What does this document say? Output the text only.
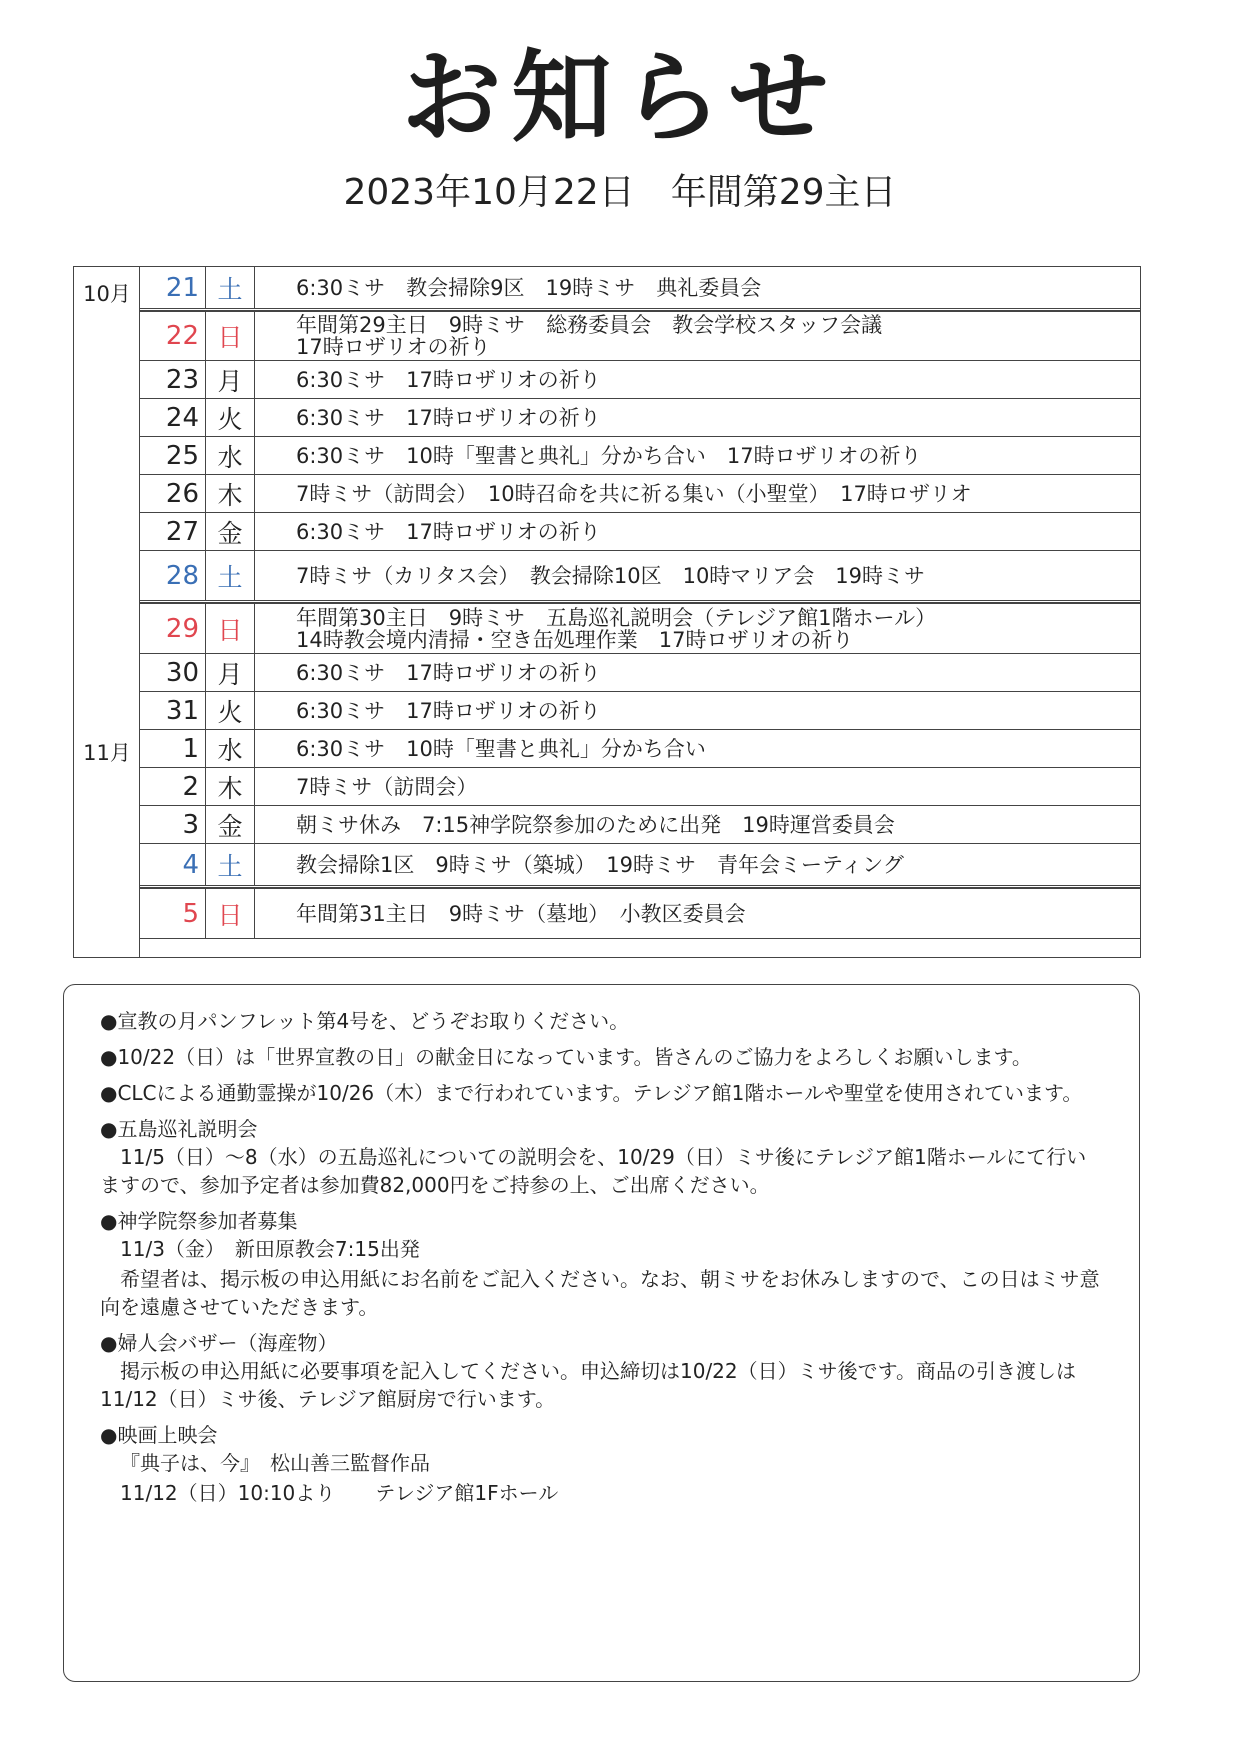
お知らせ
2023年10月22日　年間第29主日
10月
11月
21 土	6:30ミサ　教会掃除9区　19時ミサ　典礼委員会
22 日	年間第29主日　9時ミサ　総務委員会　教会学校スタッフ会議
17時ロザリオの祈り
23 月	6:30ミサ　17時ロザリオの祈り
24 火	6:30ミサ　17時ロザリオの祈り
25 水	6:30ミサ　10時「聖書と典礼」分かち合い　17時ロザリオの祈り
26 木	7時ミサ（訪問会）　10時召命を共に祈る集い（小聖堂）　17時ロザリオ
27 金	6:30ミサ　17時ロザリオの祈り
28 土	7時ミサ（カリタス会）　教会掃除10区　10時マリア会　19時ミサ
29 日	年間第30主日　9時ミサ　五島巡礼説明会（テレジア館1階ホール）
14時教会境内清掃・空き缶処理作業　17時ロザリオの祈り
30 月	6:30ミサ　17時ロザリオの祈り
31 火	6:30ミサ　17時ロザリオの祈り
1 水	6:30ミサ　10時「聖書と典礼」分かち合い
2 木	7時ミサ（訪問会）
3 金	朝ミサ休み　7:15神学院祭参加のために出発　19時運営委員会
4 土	教会掃除1区　9時ミサ（築城）　19時ミサ　青年会ミーティング
5 日	年間第31主日　9時ミサ（墓地）　小教区委員会

●宣教の月パンフレット第4号を、どうぞお取りください。

●10/22（日）は「世界宣教の日」の献金日になっています。皆さんのご協力をよろしくお願いします。

●CLCによる通勤霊操が10/26（木）まで行われています。テレジア館1階ホールや聖堂を使用されています。

●五島巡礼説明会

11/5（日）～8（水）の五島巡礼についての説明会を、10/29（日）ミサ後にテレジア館1階ホールにて行いますので、参加予定者は参加費82,000円をご持参の上、ご出席ください。

●神学院祭参加者募集

11/3（金）　新田原教会7:15出発

希望者は、掲示板の申込用紙にお名前をご記入ください。なお、朝ミサをお休みしますので、この日はミサ意向を遠慮させていただきます。

●婦人会バザー（海産物）

掲示板の申込用紙に必要事項を記入してください。申込締切は10/22（日）ミサ後です。商品の引き渡しは11/12（日）ミサ後、テレジア館厨房で行います。

●映画上映会

『典子は、今』　松山善三監督作品

11/12（日）10:10より　　テレジア館1Fホール
